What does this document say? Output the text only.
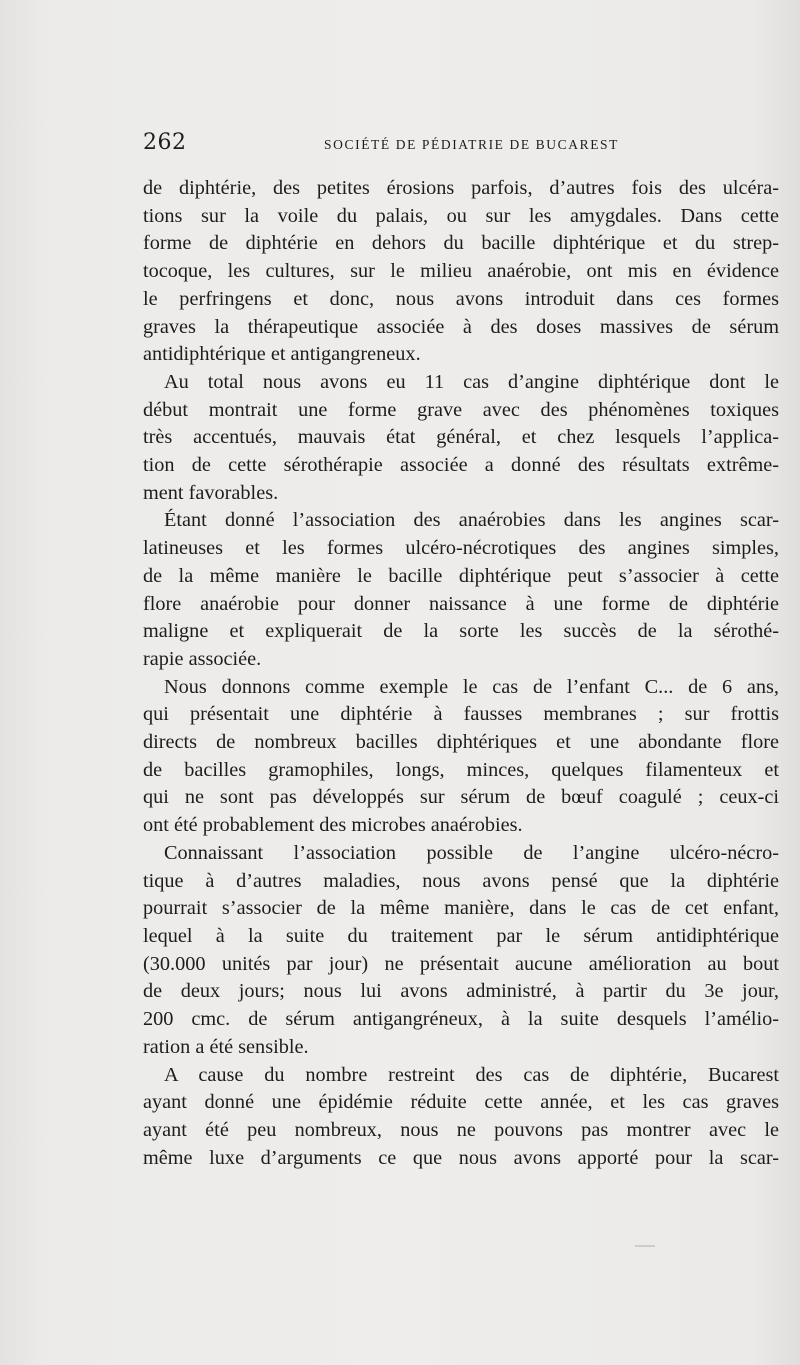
262	SOCIÉTÉ DE PÉDIATRIE DE BUCAREST
de diphtérie, des petites érosions parfois, d’autres fois des ulcéra-
tions sur la voile du palais, ou sur les amygdales. Dans cette
forme de diphtérie en dehors du bacille diphtérique et du strep-
tocoque, les cultures, sur le milieu anaérobie, ont mis en évidence
le perfringens et donc, nous avons introduit dans ces formes
graves la thérapeutique associée à des doses massives de sérum
antidiphtérique et antigangreneux.
Au total nous avons eu 11 cas d’angine diphtérique dont le
début montrait une forme grave avec des phénomènes toxiques
très accentués, mauvais état général, et chez lesquels l’applica-
tion de cette sérothérapie associée a donné des résultats extrême-
ment favorables.
Étant donné l’association des anaérobies dans les angines scar-
latineuses et les formes ulcéro-nécrotiques des angines simples,
de la même manière le bacille diphtérique peut s’associer à cette
flore anaérobie pour donner naissance à une forme de diphtérie
maligne et expliquerait de la sorte les succès de la sérothé-
rapie associée.
Nous donnons comme exemple le cas de l’enfant C... de 6 ans,
qui présentait une diphtérie à fausses membranes ; sur frottis
directs de nombreux bacilles diphtériques et une abondante flore
de bacilles gramophiles, longs, minces, quelques filamenteux et
qui ne sont pas développés sur sérum de bœuf coagulé ; ceux-ci
ont été probablement des microbes anaérobies.
Connaissant l’association possible de l’angine ulcéro-nécro-
tique à d’autres maladies, nous avons pensé que la diphtérie
pourrait s’associer de la même manière, dans le cas de cet enfant,
lequel à la suite du traitement par le sérum antidiphtérique
(30.000 unités par jour) ne présentait aucune amélioration au bout
de deux jours; nous lui avons administré, à partir du 3e jour,
200 cmc. de sérum antigangréneux, à la suite desquels l’amélio-
ration a été sensible.
A cause du nombre restreint des cas de diphtérie, Bucarest
ayant donné une épidémie réduite cette année, et les cas graves
ayant été peu nombreux, nous ne pouvons pas montrer avec le
même luxe d’arguments ce que nous avons apporté pour la scar-
